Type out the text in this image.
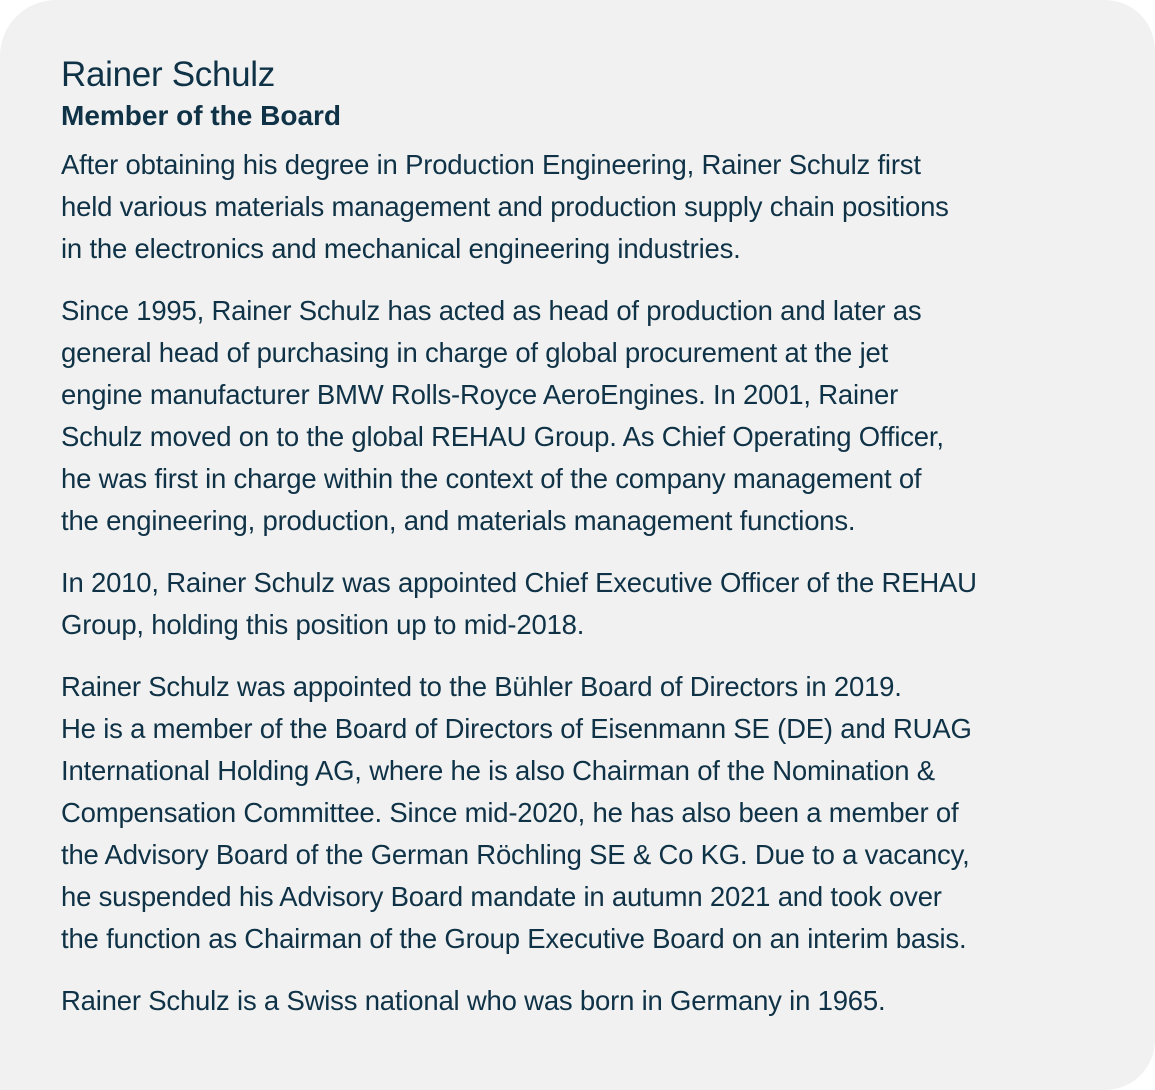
Rainer Schulz
Member of the Board

After obtaining his degree in Production Engineering, Rainer Schulz first
held various materials management and production supply chain positions
in the electronics and mechanical engineering industries.

Since 1995, Rainer Schulz has acted as head of production and later as
general head of purchasing in charge of global procurement at the jet
engine manufacturer BMW Rolls-Royce AeroEngines. In 2001, Rainer
Schulz moved on to the global REHAU Group. As Chief Operating Officer,
he was first in charge within the context of the company management of
the engineering, production, and materials management functions.

In 2010, Rainer Schulz was appointed Chief Executive Officer of the REHAU
Group, holding this position up to mid-2018.

Rainer Schulz was appointed to the Bühler Board of Directors in 2019.
He is a member of the Board of Directors of Eisenmann SE (DE) and RUAG
International Holding AG, where he is also Chairman of the Nomination &
Compensation Committee. Since mid-2020, he has also been a member of
the Advisory Board of the German Röchling SE & Co KG. Due to a vacancy,
he suspended his Advisory Board mandate in autumn 2021 and took over
the function as Chairman of the Group Executive Board on an interim basis.

Rainer Schulz is a Swiss national who was born in Germany in 1965.
